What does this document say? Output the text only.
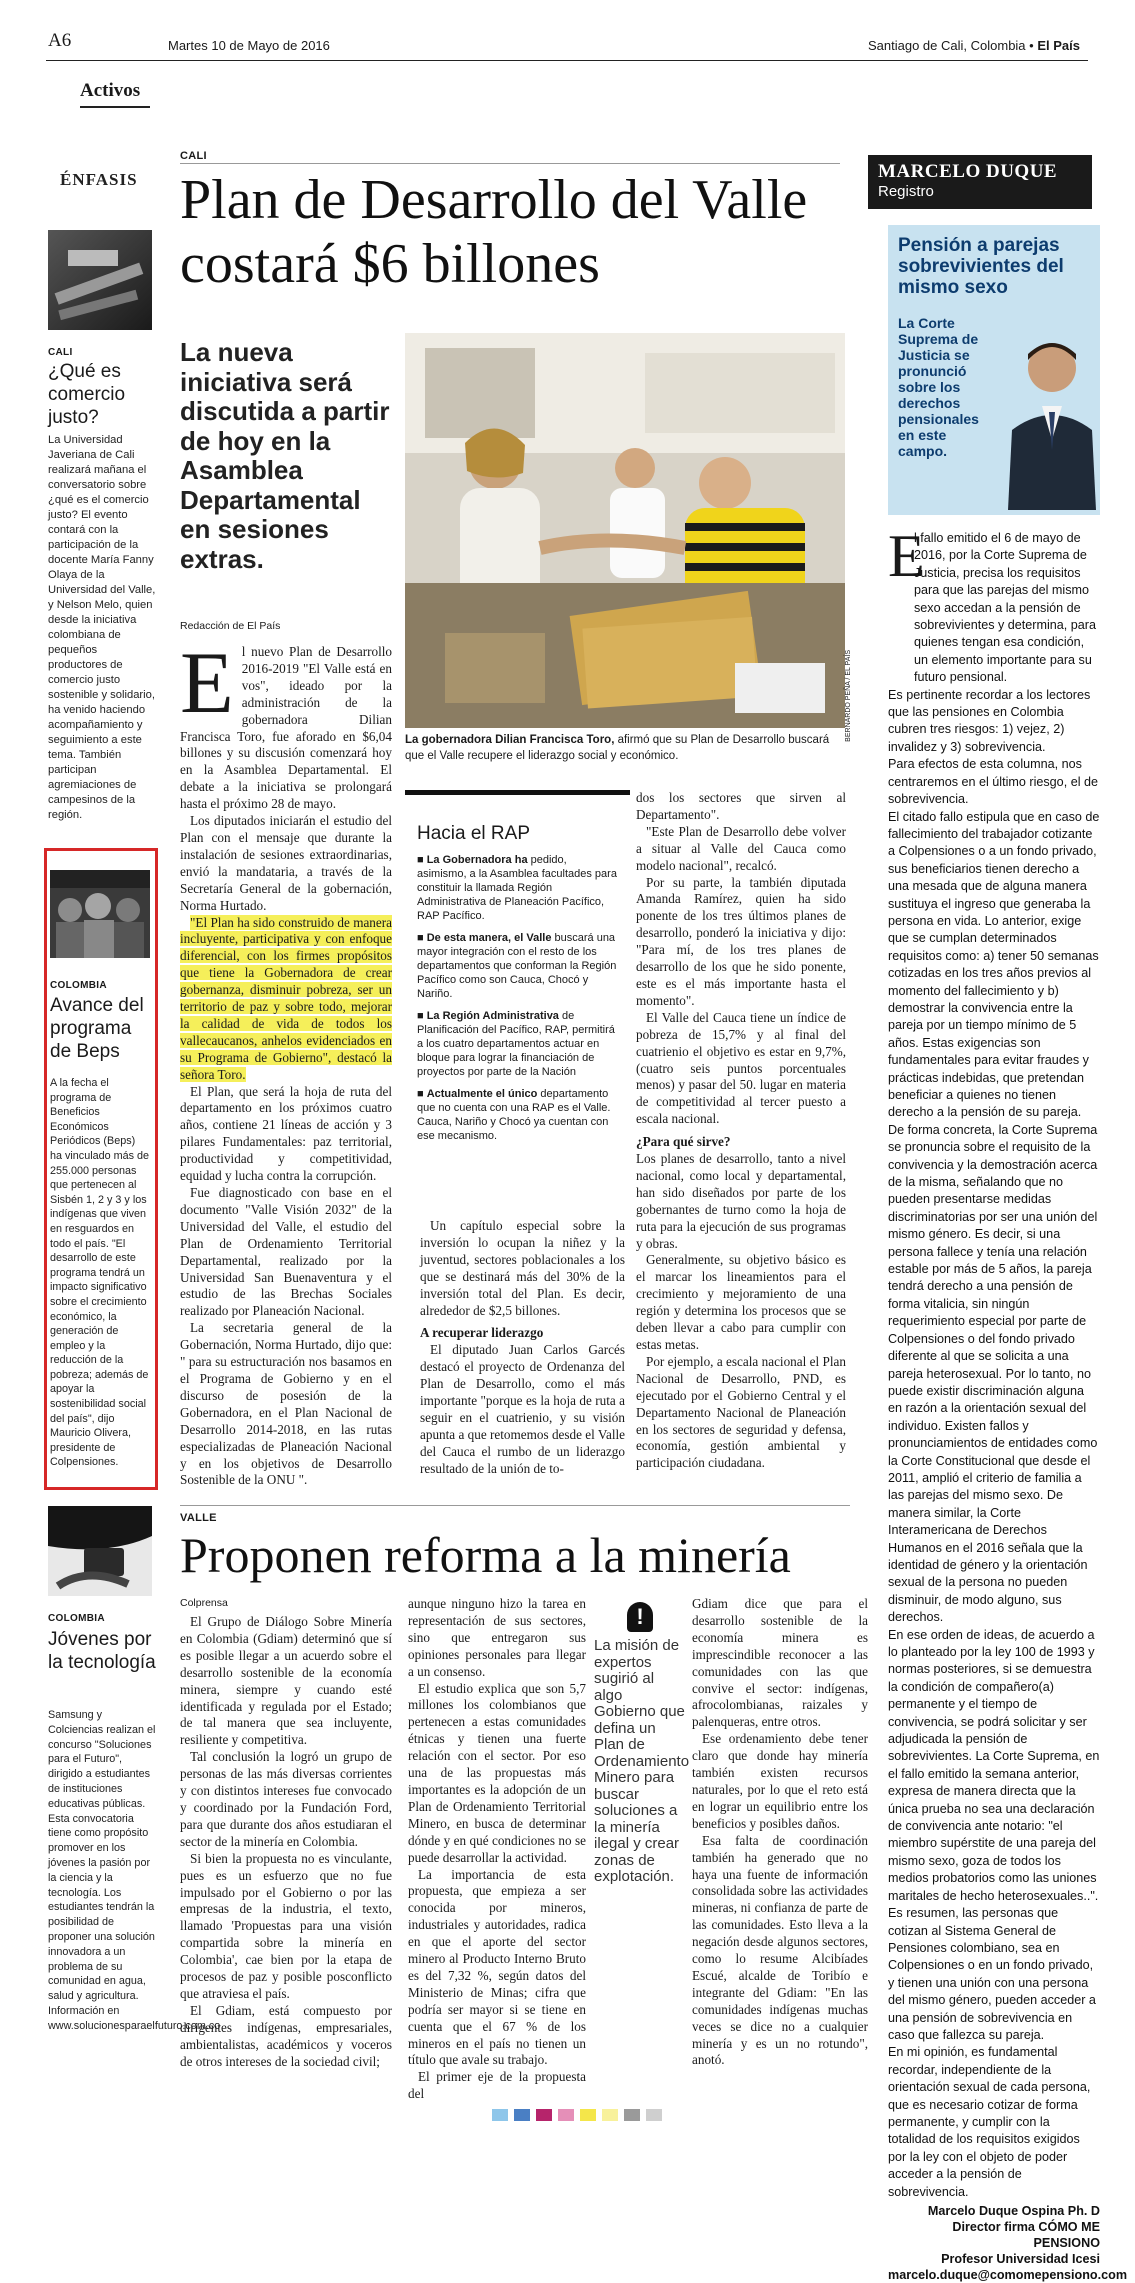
A6	Martes 10 de Mayo de 2016	Santiago de Cali, Colombia • El País
Activos
ÉNFASIS
CALI
¿Qué es comercio justo?
La Universidad Javeriana de Cali realizará mañana el conversatorio sobre ¿qué es el comercio justo? El evento contará con la participación de la docente María Fanny Olaya de la Universidad del Valle, y Nelson Melo, quien desde la iniciativa colombiana de pequeños productores de comercio justo sostenible y solidario, ha venido haciendo acompañamiento y seguimiento a este tema. También participan agremiaciones de campesinos de la región.
COLOMBIA
Avance del programa de Beps
A la fecha el programa de Beneficios Económicos Periódicos (Beps) ha vinculado más de 255.000 personas que pertenecen al Sisbén 1, 2 y 3 y los indígenas que viven en resguardos en todo el país. "El desarrollo de este programa tendrá un impacto significativo sobre el crecimiento económico, la generación de empleo y la reducción de la pobreza; además de apoyar la sostenibilidad social del país", dijo Mauricio Olivera, presidente de Colpensiones.
COLOMBIA
Jóvenes por la tecnología
Samsung y Colciencias realizan el concurso "Soluciones para el Futuro", dirigido a estudiantes de instituciones educativas públicas. Esta convocatoria tiene como propósito promover en los jóvenes la pasión por la ciencia y la tecnología. Los estudiantes tendrán la posibilidad de proponer una solución innovadora a un problema de su comunidad en agua, salud y agricultura. Información en www.solucionesparaelfuturo.com.co
CALI
Plan de Desarrollo del Valle costará $6 billones
La nueva iniciativa será discutida a partir de hoy en la Asamblea Departamental en sesiones extras.
Redacción de El País
BERNARDO PEÑA / EL PAÍS
La gobernadora Dilian Francisca Toro, afirmó que su Plan de Desarrollo buscará que el Valle recupere el liderazgo social y económico.
E l nuevo Plan de Desarrollo 2016-2019 "El Valle está en vos", ideado por la administración de la gobernadora Dilian Francisca Toro, fue aforado en $6,04 billones y su discusión comenzará hoy en la Asamblea Departamental. El debate a la iniciativa se prolongará hasta el próximo 28 de mayo.

Los diputados iniciarán el estudio del Plan con el mensaje que durante la instalación de sesiones extraordinarias, envió la mandataria, a través de la Secretaría General de la gobernación, Norma Hurtado.

"El Plan ha sido construido de manera incluyente, participativa y con enfoque diferencial, con los firmes propósitos que tiene la Gobernadora de crear gobernanza, disminuir pobreza, ser un territorio de paz y sobre todo, mejorar la calidad de vida de todos los vallecaucanos, anhelos evidenciados en su Programa de Gobierno", destacó la señora Toro.

El Plan, que será la hoja de ruta del departamento en los próximos cuatro años, contiene 21 líneas de acción y 3 pilares Fundamentales: paz territorial, productividad y competitividad, equidad y lucha contra la corrupción.

Fue diagnosticado con base en el documento "Valle Visión 2032" de la Universidad del Valle, el estudio del Plan de Ordenamiento Territorial Departamental, realizado por la Universidad San Buenaventura y el estudio de las Brechas Sociales realizado por Planeación Nacional.

La secretaria general de la Gobernación, Norma Hurtado, dijo que: " para su estructuración nos basamos en el Programa de Gobierno y en el discurso de posesión de la Gobernadora, en el Plan Nacional de Desarrollo 2014-2018, en las rutas especializadas de Planeación Nacional y en los objetivos de Desarrollo Sostenible de la ONU ".

Hacia el RAP
■ La Gobernadora ha pedido, asimismo, a la Asamblea facultades para constituir la llamada Región Administrativa de Planeación Pacífico, RAP Pacífico.
■ De esta manera, el Valle buscará una mayor integración con el resto de los departamentos que conforman la Región Pacífico como son Cauca, Chocó y Nariño.
■ La Región Administrativa de Planificación del Pacífico, RAP, permitirá a los cuatro departamentos actuar en bloque para lograr la financiación de proyectos por parte de la Nación
■ Actualmente el único departamento que no cuenta con una RAP es el Valle. Cauca, Nariño y Chocó ya cuentan con ese mecanismo.

Un capítulo especial sobre la inversión lo ocupan la niñez y la juventud, sectores poblacionales a los que se destinará más del 30% de la inversión total del Plan. Es decir, alrededor de $2,5 billones.

A recuperar liderazgo

El diputado Juan Carlos Garcés destacó el proyecto de Ordenanza del Plan de Desarrollo, como el más importante "porque es la hoja de ruta a seguir en el cuatrienio, y su visión apunta a que retomemos desde el Valle del Cauca el rumbo de un liderazgo resultado de la unión de to-

dos los sectores que sirven al Departamento".

"Este Plan de Desarrollo debe volver a situar al Valle del Cauca como modelo nacional", recalcó.

Por su parte, la también diputada Amanda Ramírez, quien ha sido ponente de los tres últimos planes de desarrollo, ponderó la iniciativa y dijo: "Para mí, de los tres planes de desarrollo de los que he sido ponente, este es el más importante hasta el momento".

El Valle del Cauca tiene un índice de pobreza de 15,7% y al final del cuatrienio el objetivo es estar en 9,7%, (cuatro seis puntos porcentuales menos) y pasar del 50. lugar en materia de competitividad al tercer puesto a escala nacional.

¿Para qué sirve?

Los planes de desarrollo, tanto a nivel nacional, como local y departamental, han sido diseñados por parte de los gobernantes de turno como la hoja de ruta para la ejecución de sus programas y obras.

Generalmente, su objetivo básico es el marcar los lineamientos para el crecimiento y mejoramiento de una región y determina los procesos que se deben llevar a cabo para cumplir con estas metas.

Por ejemplo, a escala nacional el Plan Nacional de Desarrollo, PND, es ejecutado por el Gobierno Central y el Departamento Nacional de Planeación en los sectores de seguridad y defensa, economía, gestión ambiental y participación ciudadana.

MARCELO DUQUE
Registro
Pensión a parejas sobrevivientes del mismo sexo
La Corte Suprema de Justicia se pronunció sobre los derechos pensionales en este campo.
E

l fallo emitido el 6 de mayo de 2016, por la Corte Suprema de Justicia, precisa los requisitos para que las parejas del mismo sexo accedan a la pensión de sobrevivientes y determina, para quienes tengan esa condición, un elemento importante para su futuro pensional.

Es pertinente recordar a los lectores que las pensiones en Colombia cubren tres riesgos: 1) vejez, 2) invalidez y 3) sobrevivencia.

Para efectos de esta columna, nos centraremos en el último riesgo, el de sobrevivencia.

El citado fallo estipula que en caso de fallecimiento del trabajador cotizante a Colpensiones o a un fondo privado, sus beneficiarios tienen derecho a una mesada que de alguna manera sustituya el ingreso que generaba la persona en vida. Lo anterior, exige que se cumplan determinados requisitos como: a) tener 50 semanas cotizadas en los tres años previos al momento del fallecimiento y b) demostrar la convivencia entre la pareja por un tiempo mínimo de 5 años. Estas exigencias son fundamentales para evitar fraudes y prácticas indebidas, que pretendan beneficiar a quienes no tienen derecho a la pensión de su pareja.

De forma concreta, la Corte Suprema se pronuncia sobre el requisito de la convivencia y la demostración acerca de la misma, señalando que no pueden presentarse medidas discriminatorias por ser una unión del mismo género. Es decir, si una persona fallece y tenía una relación estable por más de 5 años, la pareja tendrá derecho a una pensión de forma vitalicia, sin ningún requerimiento especial por parte de Colpensiones o del fondo privado diferente al que se solicita a una pareja heterosexual. Por lo tanto, no puede existir discriminación alguna en razón a la orientación sexual del individuo. Existen fallos y pronunciamientos de entidades como la Corte Constitucional que desde el 2011, amplió el criterio de familia a las parejas del mismo sexo. De manera similar, la Corte Interamericana de Derechos Humanos en el 2016 señala que la identidad de género y la orientación sexual de la persona no pueden disminuir, de modo alguno, sus derechos.

En ese orden de ideas, de acuerdo a lo planteado por la ley 100 de 1993 y normas posteriores, si se demuestra la condición de compañero(a) permanente y el tiempo de convivencia, se podrá solicitar y ser adjudicada la pensión de sobrevivientes. La Corte Suprema, en el fallo emitido la semana anterior, expresa de manera directa que la única prueba no sea una declaración de convivencia ante notario: "el miembro supérstite de una pareja del mismo sexo, goza de todos los medios probatorios como las uniones maritales de hecho heterosexuales..".

Es resumen, las personas que cotizan al Sistema General de Pensiones colombiano, sea en Colpensiones o en un fondo privado, y tienen una unión con una persona del mismo género, pueden acceder a una pensión de sobrevivencia en caso que fallezca su pareja.

En mi opinión, es fundamental recordar, independiente de la orientación sexual de cada persona, que es necesario cotizar de forma permanente, y cumplir con la totalidad de los requisitos exigidos por la ley con el objeto de poder acceder a la pensión de sobrevivencia.

Marcelo Duque Ospina Ph. D
Director firma CÓMO ME PENSIONO
Profesor Universidad Icesi
marcelo.duque@comomepensiono.com
VALLE
Proponen reforma a la minería
Colprensa

El Grupo de Diálogo Sobre Minería en Colombia (Gdiam) determinó que sí es posible llegar a un acuerdo sobre el desarrollo sostenible de la economía minera, siempre y cuando esté identificada y regulada por el Estado; de tal manera que sea incluyente, resiliente y competitiva.

Tal conclusión la logró un grupo de personas de las más diversas corrientes y con distintos intereses fue convocado y coordinado por la Fundación Ford, para que durante dos años estudiaran el sector de la minería en Colombia.

Si bien la propuesta no es vinculante, pues es un esfuerzo que no fue impulsado por el Gobierno o por las empresas de la industria, el texto, llamado 'Propuestas para una visión compartida sobre la minería en Colombia', cae bien por la etapa de procesos de paz y posible posconflicto que atraviesa el país.

El Gdiam, está compuesto por dirigentes indígenas, empresariales, ambientalistas, académicos y voceros de otros intereses de la sociedad civil;

aunque ninguno hizo la tarea en representación de sus sectores, sino que entregaron sus opiniones personales para llegar a un consenso.

El estudio explica que son 5,7 millones los colombianos que pertenecen a estas comunidades étnicas y tienen una fuerte relación con el sector. Por eso una de las propuestas más importantes es la adopción de un Plan de Ordenamiento Territorial Minero, en busca de determinar dónde y en qué condiciones no se puede desarrollar la actividad.

La importancia de esta propuesta, que empieza a ser conocida por mineros, industriales y autoridades, radica en que el aporte del sector minero al Producto Interno Bruto es del 7,32 %, según datos del Ministerio de Minas; cifra que podría ser mayor si se tiene en cuenta que el 67 % de los mineros en el país no tienen un título que avale su trabajo.

El primer eje de la propuesta del

!
La misión de expertos sugirió al algo Gobierno que defina un Plan de Ordenamiento Minero para buscar soluciones a la minería ilegal y crear zonas de explotación.

Gdiam dice que para el desarrollo sostenible de la economía minera es imprescindible reconocer a las comunidades con las que convive el sector: indígenas, afrocolombianas, raizales y palenqueras, entre otros.

Ese ordenamiento debe tener claro que donde hay minería también existen recursos naturales, por lo que el reto está en lograr un equilibrio entre los beneficios y posibles daños.

Esa falta de coordinación también ha generado que no haya una fuente de información consolidada sobre las actividades mineras, ni confianza de parte de las comunidades. Esto lleva a la negación desde algunos sectores, como lo resume Alcibíades Escué, alcalde de Toribío e integrante del Gdiam: "En las comunidades indígenas muchas veces se dice no a cualquier minería y es un no rotundo", anotó.
